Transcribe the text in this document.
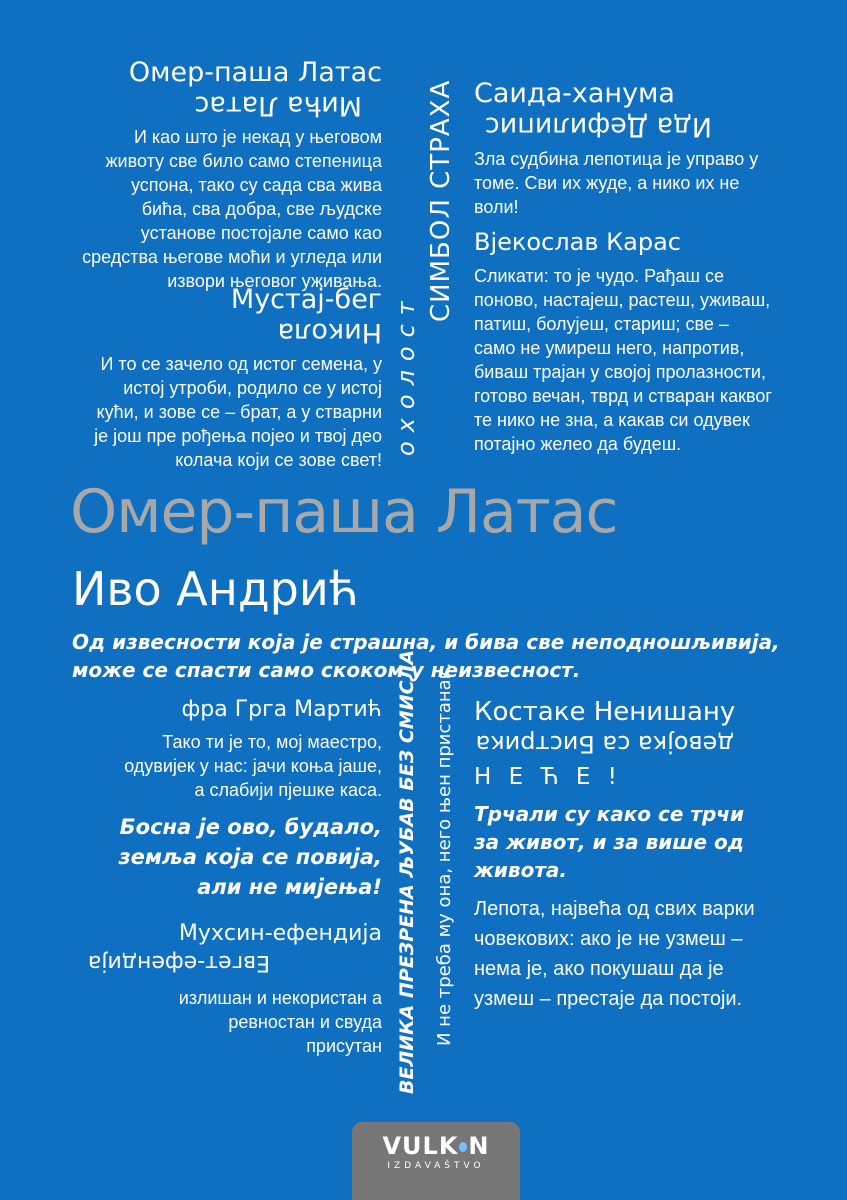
Омер-паша Латас
Мића Латас
И као што је некад у његовом животу све било само степеница успона, тако су сада сва жива бића, сва добра, све људске установе постојале само као средства његове моћи и угледа или извори његовог уживања.
Мустај-бег
Никола
И то се зачело од истог семена, у истој утроби, родило се у истој кући, и зове се – брат, а у стварни је још пре рођења појео и твој део колача који се зове свет!
охолост
СИМБОЛ СТРАХА Саида-ханума
Ида Дефилипис
Зла судбина лепотица је управо у томе. Сви их жуде, а нико их не воли!
Вјекослав Карас
Сликати: то је чудо. Рађаш се поново, настајеш, растеш, уживаш, патиш, болујеш, стариш; све – само не умиреш него, напротив, биваш трајан у својој пролазности, готово вечан, тврд и стваран каквог те нико не зна, а какав си одувек потајно желео да будеш.
Омер-паша Латас
Иво Андрић
Од извесности која је страшна, и бива све неподношљивија,
може се спасти само скоком у неизвесност.
фра Грга Мартић
Тако ти је то, мој маестро, одувијек у нас: јачи коња јаше, а слабији пјешке каса.
Босна је ово, будало, земља која се повија, али не мијења!
Мухсин-ефендија
Евгет-ефендија
излишан и некористан а ревностан и свуда присутан ВЕЛИКА ПРЕЗРЕНА ЉУБАВ БЕЗ СМИСЛА И не треба му она, него њен пристанак. Костаке Ненишану
девојка са Бистрика
Н Е Ћ Е !
Трчали су како се трчи за живот, и за више од живота.
Лепота, највећа од свих варки човекових: ако је не узмеш – нема је, ако покушаш да је узмеш – престаје да постоји.
VULK N
IZDAVAŠTVO
